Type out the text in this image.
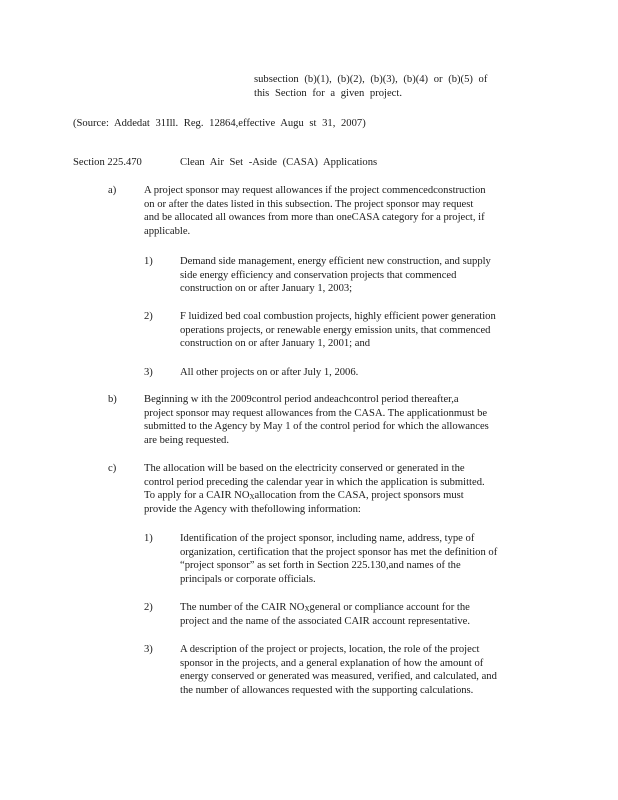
subsection (b)(1), (b)(2), (b)(3), (b)(4) or (b)(5) of
this Section for a given project.
(Source: Addedat 31Ill. Reg. 12864,effective Augu st 31, 2007)
Section 225.470	Clean Air Set -Aside (CASA) Applications
a)	A project sponsor may request allowances if the project commencedconstruction
on or after the dates listed in this subsection. The project sponsor may request
and be allocated all owances from more than oneCASA category for a project, if
applicable.
1)	Demand side management, energy efficient new construction, and supply
side energy efficiency and conservation projects that commenced
construction on or after January 1, 2003;
2)	F luidized bed coal combustion projects, highly efficient power generation
operations projects, or renewable energy emission units, that commenced
construction on or after January 1, 2001; and
3)	All other projects on or after July 1, 2006.
b)	Beginning w ith the 2009control period andeachcontrol period thereafter,a
project sponsor may request allowances from the CASA. The applicationmust be
submitted to the Agency by May 1 of the control period for which the allowances
are being requested.
c)	The allocation will be based on the electricity conserved or generated in the
control period preceding the calendar year in which the application is submitted.
To apply for a CAIR $NO_Xallocation$ from the CASA, project sponsors must
provide the Agency with thefollowing information:
1)	Identification of the project sponsor, including name, address, type of
organization, certification that the project sponsor has met the definition of
“project sponsor” as set forth in Section 225.130,and names of the
principals or corporate officials.
2)	The number of the CAIR $NO_Xgeneral$ or compliance account for the
project and the name of the associated CAIR account representative.
3)	A description of the project or projects, location, the role of the project
sponsor in the projects, and a general explanation of how the amount of
energy conserved or generated was measured, verified, and calculated, and
the number of allowances requested with the supporting calculations.
